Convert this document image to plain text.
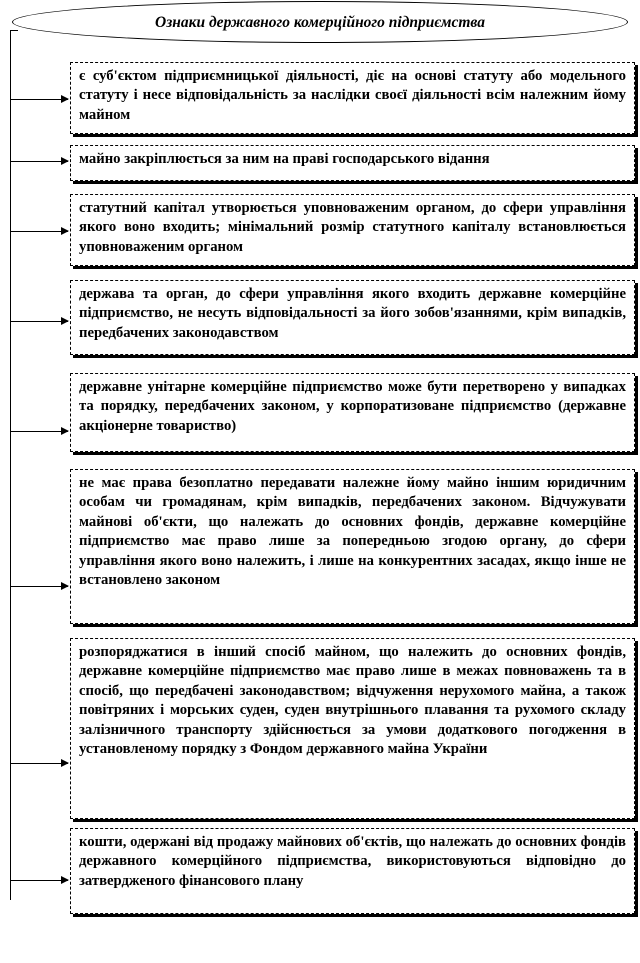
Ознаки державного комерційного підприємства
є суб'єктом підприємницької діяльності, діє на основі статуту або модельного статуту і несе відповідальність за наслідки своєї діяльності всім належним йому майном
майно закріплюється за ним на праві господарського відання
статутний капітал утворюється уповноваженим органом, до сфери управління якого воно входить; мінімальний розмір статутного капіталу встановлюється уповноваженим органом
держава та орган, до сфери управління якого входить державне комерційне підприємство, не несуть відповідальності за його зобов'язаннями, крім випадків, передбачених законодавством
державне унітарне комерційне підприємство може бути перетворено у випадках та порядку, передбачених законом, у корпоратизоване підприємство (державне акціонерне товариство)
не має права безоплатно передавати належне йому майно іншим юридичним особам чи громадянам, крім випадків, передбачених законом. Відчужувати майнові об'єкти, що належать до основних фондів, державне комерційне підприємство має право лише за попередньою згодою органу, до сфери управління якого воно належить, і лише на конкурентних засадах, якщо інше не встановлено законом
розпоряджатися в інший спосіб майном, що належить до основних фондів, державне комерційне підприємство має право лише в межах повноважень та в спосіб, що передбачені законодавством; відчуження нерухомого майна, а також повітряних і морських суден, суден внутрішнього плавання та рухомого складу залізничного транспорту здійснюється за умови додаткового погодження в установленому порядку з Фондом державного майна України
кошти, одержані від продажу майнових об'єктів, що належать до основних фондів державного комерційного підприємства, використовуються відповідно до затвердженого фінансового плану
